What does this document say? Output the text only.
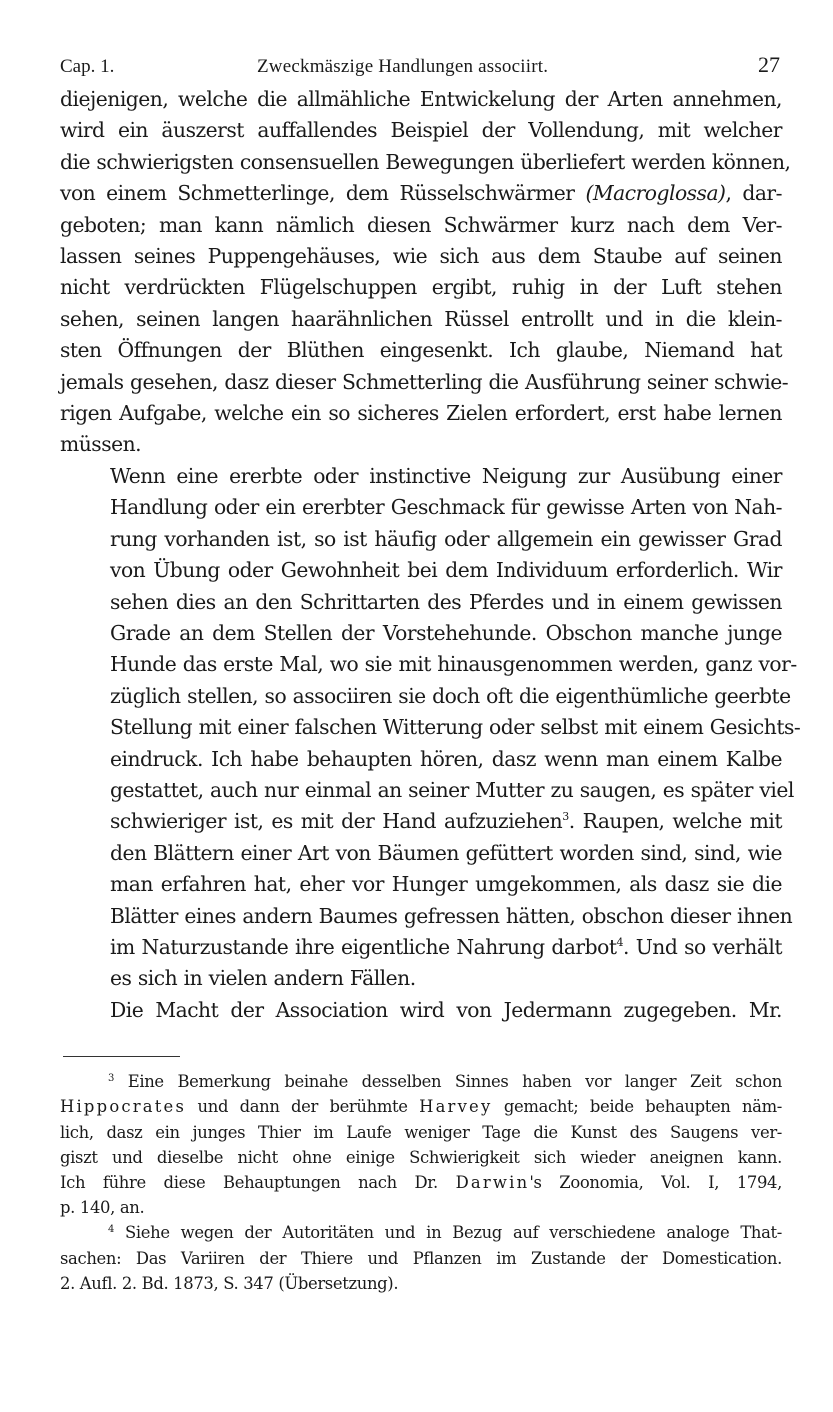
Cap. 1.	Zweckmäszige Handlungen associirt.	27

diejenigen, welche die allmähliche Entwickelung der Arten annehmen,
wird ein äuszerst auffallendes Beispiel der Vollendung, mit welcher
die schwierigsten consensuellen Bewegungen überliefert werden können,
von einem Schmetterlinge, dem Rüsselschwärmer (Macroglossa), dar-
geboten; man kann nämlich diesen Schwärmer kurz nach dem Ver-
lassen seines Puppengehäuses, wie sich aus dem Staube auf seinen
nicht verdrückten Flügelschuppen ergibt, ruhig in der Luft stehen
sehen, seinen langen haarähnlichen Rüssel entrollt und in die klein-
sten Öffnungen der Blüthen eingesenkt. Ich glaube, Niemand hat
jemals gesehen, dasz dieser Schmetterling die Ausführung seiner schwie-
rigen Aufgabe, welche ein so sicheres Zielen erfordert, erst habe lernen
müssen.

Wenn eine ererbte oder instinctive Neigung zur Ausübung einer
Handlung oder ein ererbter Geschmack für gewisse Arten von Nah-
rung vorhanden ist, so ist häufig oder allgemein ein gewisser Grad
von Übung oder Gewohnheit bei dem Individuum erforderlich. Wir
sehen dies an den Schrittarten des Pferdes und in einem gewissen
Grade an dem Stellen der Vorstehehunde. Obschon manche junge
Hunde das erste Mal, wo sie mit hinausgenommen werden, ganz vor-
züglich stellen, so associiren sie doch oft die eigenthümliche geerbte
Stellung mit einer falschen Witterung oder selbst mit einem Gesichts-
eindruck. Ich habe behaupten hören, dasz wenn man einem Kalbe
gestattet, auch nur einmal an seiner Mutter zu saugen, es später viel
schwieriger ist, es mit der Hand aufzuziehen$^3$. Raupen, welche mit
den Blättern einer Art von Bäumen gefüttert worden sind, sind, wie
man erfahren hat, eher vor Hunger umgekommen, als dasz sie die
Blätter eines andern Baumes gefressen hätten, obschon dieser ihnen
im Naturzustande ihre eigentliche Nahrung darbot$^4$. Und so verhält
es sich in vielen andern Fällen.

Die Macht der Association wird von Jedermann zugegeben. Mr.

$^3$ Eine Bemerkung beinahe desselben Sinnes haben vor langer Zeit schon
Hippocrates und dann der berühmte Harvey gemacht; beide behaupten näm-
lich, dasz ein junges Thier im Laufe weniger Tage die Kunst des Saugens ver-
giszt und dieselbe nicht ohne einige Schwierigkeit sich wieder aneignen kann.
Ich führe diese Behauptungen nach Dr. Darwin's Zoonomia, Vol. I, 1794,
p. 140, an.
$^4$ Siehe wegen der Autoritäten und in Bezug auf verschiedene analoge That-
sachen: Das Variiren der Thiere und Pflanzen im Zustande der Domestication.
2. Aufl. 2. Bd. 1873, S. 347 (Übersetzung).
